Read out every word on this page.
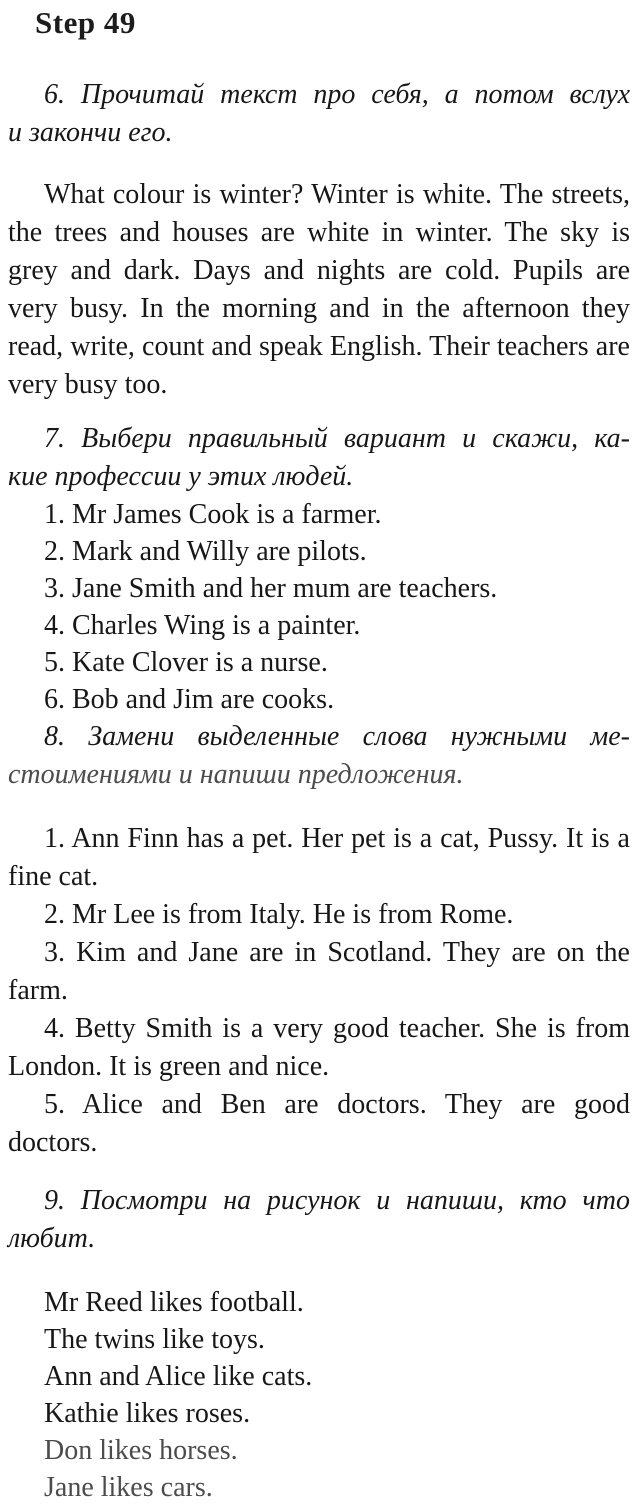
Step 49
6. Прочитай текст про себя, а потом вслух
и закончи его.

What colour is winter? Winter is white. The streets, the trees and houses are white in winter. The sky is grey and dark. Days and nights are cold. Pupils are very busy. In the morning and in the afternoon they read, write, count and speak English. Their teachers are very busy too.

7. Выбери правильный вариант и скажи, ка-
кие профессии у этих людей.
1. Mr James Cook is a farmer.
2. Mark and Willy are pilots.
3. Jane Smith and her mum are teachers.
4. Charles Wing is a painter.
5. Kate Clover is a nurse.
6. Bob and Jim are cooks.
8. Замени выделенные слова нужными ме-
стоимениями и напиши предложения.

1. Ann Finn has a pet. Her pet is a cat, Pussy. It is a fine cat.

2. Mr Lee is from Italy. He is from Rome.

3. Kim and Jane are in Scotland. They are on the farm.

4. Betty Smith is a very good teacher. She is from London. It is green and nice.

5. Alice and Ben are doctors. They are good doctors.

9. Посмотри на рисунок и напиши, кто что
любит.
Mr Reed likes football.
The twins like toys.
Ann and Alice like cats.
Kathie likes roses.
Don likes horses.
Jane likes cars.
